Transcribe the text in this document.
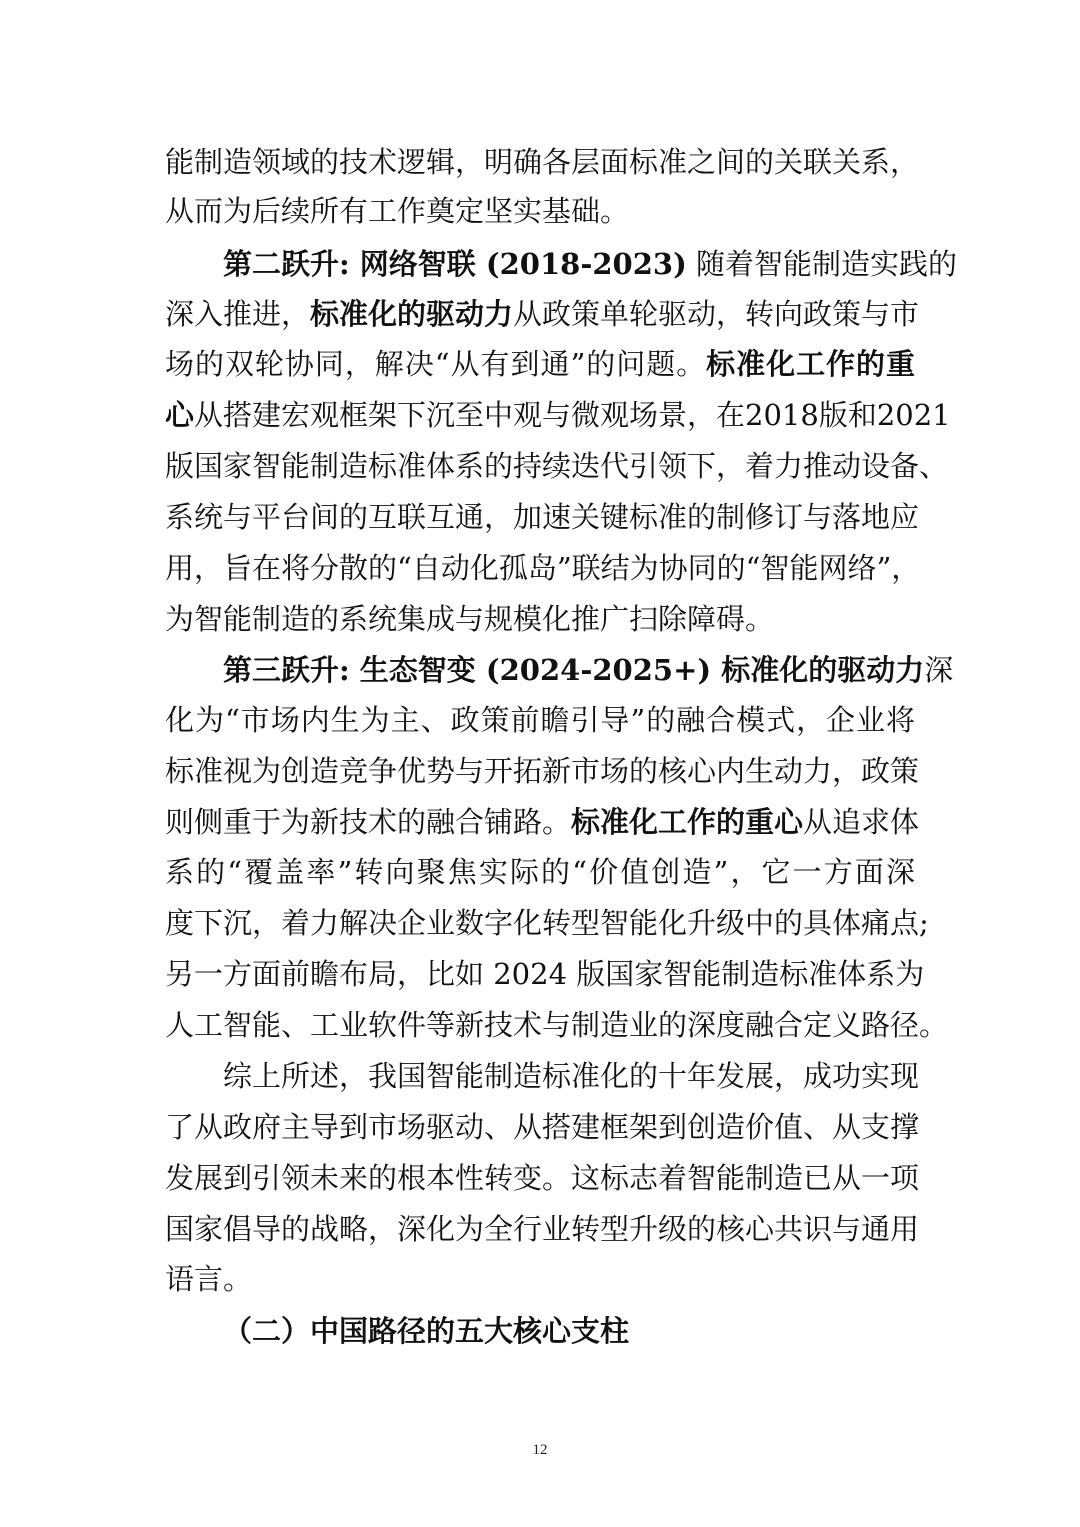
能制造领域的技术逻辑，明确各层面标准之间的关联关系，
从而为后续所有工作奠定坚实基础。
第二跃升: 网络智联 (2018-2023) 随着智能制造实践的
深入推进，标准化的驱动力从政策单轮驱动，转向政策与市
场的双轮协同，解决“从有到通”的问题。标准化工作的重
心从搭建宏观框架下沉至中观与微观场景，在2018版和2021
版国家智能制造标准体系的持续迭代引领下，着力推动设备、
系统与平台间的互联互通，加速关键标准的制修订与落地应
用，旨在将分散的“自动化孤岛”联结为协同的“智能网络”，
为智能制造的系统集成与规模化推广扫除障碍。
第三跃升: 生态智变 (2024-2025+) 标准化的驱动力深
化为“市场内生为主、政策前瞻引导”的融合模式，企业将
标准视为创造竞争优势与开拓新市场的核心内生动力，政策
则侧重于为新技术的融合铺路。标准化工作的重心从追求体
系的“覆盖率”转向聚焦实际的“价值创造”，它一方面深
度下沉，着力解决企业数字化转型智能化升级中的具体痛点;
另一方面前瞻布局，比如 2024 版国家智能制造标准体系为
人工智能、工业软件等新技术与制造业的深度融合定义路径。
综上所述，我国智能制造标准化的十年发展，成功实现
了从政府主导到市场驱动、从搭建框架到创造价值、从支撑
发展到引领未来的根本性转变。这标志着智能制造已从一项
国家倡导的战略，深化为全行业转型升级的核心共识与通用
语言。
（二）中国路径的五大核心支柱
12
